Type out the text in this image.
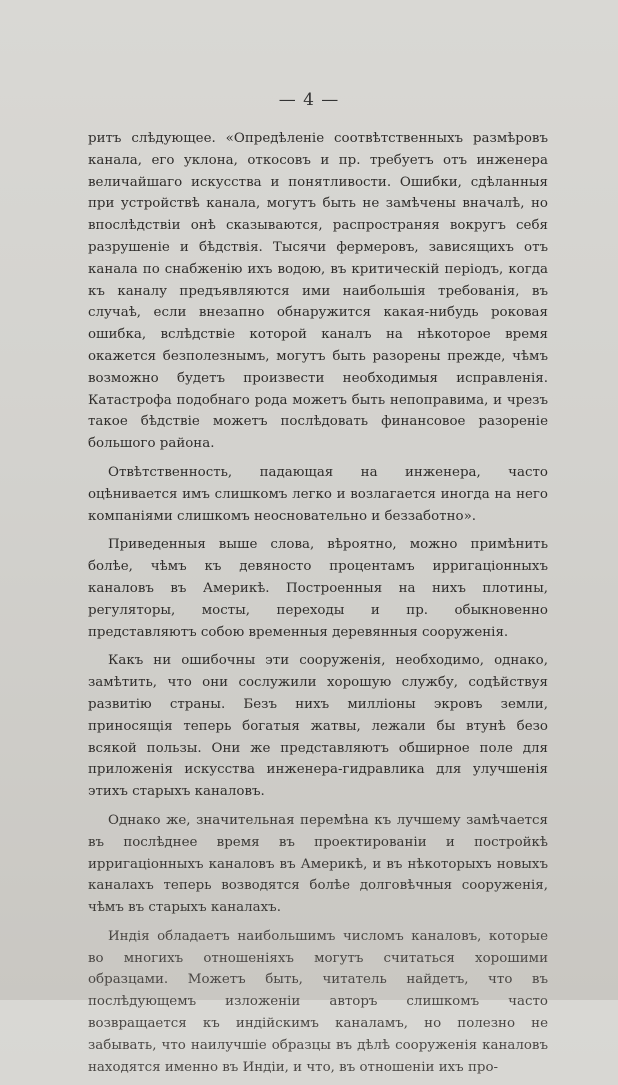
— 4 —

ритъ слѣдующее. «Опредѣленіе соотвѣтственныхъ размѣровъ канала, его уклона, откосовъ и пр. требуетъ отъ инженера величайшаго искусства и понятливости. Ошибки, сдѣланныя при устройствѣ канала, могутъ быть не замѣчены вначалѣ, но впослѣдствіи онѣ сказываются, распространяя вокругъ себя разрушеніе и бѣдствія. Тысячи фермеровъ, зависящихъ отъ канала по снабженію ихъ водою, въ критическій періодъ, когда къ каналу предъявляются ими наибольшія требованія, въ случаѣ, если внезапно обнаружится какая-нибудь роковая ошибка, вслѣдствіе которой каналъ на нѣкоторое время окажется безполезнымъ, могутъ быть разорены прежде, чѣмъ возможно будетъ произвести необходимыя исправленія. Катастрофа подобнаго рода можетъ быть непоправима, и чрезъ такое бѣдствіе можетъ послѣдовать финансовое разореніе большого района.

Отвѣтственность, падающая на инженера, часто оцѣнивается имъ слишкомъ легко и возлагается иногда на него компаніями слишкомъ неосновательно и беззаботно».

Приведенныя выше слова, вѣроятно, можно примѣнить болѣе, чѣмъ къ девяносто процентамъ ирригаціонныхъ каналовъ въ Америкѣ. Построенныя на нихъ плотины, регуляторы, мосты, переходы и пр. обыкновенно представляютъ собою временныя деревянныя сооруженія.

Какъ ни ошибочны эти сооруженія, необходимо, однако, замѣтить, что они сослужили хорошую службу, содѣйствуя развитію страны. Безъ нихъ милліоны экровъ земли, приносящія теперь богатыя жатвы, лежали бы втунѣ безо всякой пользы. Они же представляютъ обширное поле для приложенія искусства инженера-гидравлика для улучшенія этихъ старыхъ каналовъ.

Однако же, значительная перемѣна къ лучшему замѣчается въ послѣднее время въ проектированіи и постройкѣ ирригаціонныхъ каналовъ въ Америкѣ, и въ нѣкоторыхъ новыхъ каналахъ теперь возводятся болѣе долговѣчныя сооруженія, чѣмъ въ старыхъ каналахъ.

Индія обладаетъ наибольшимъ числомъ каналовъ, которые во многихъ отношеніяхъ могутъ считаться хорошими образцами. Можетъ быть, читатель найдетъ, что въ послѣдующемъ изложеніи авторъ слишкомъ часто возвращается къ индійскимъ каналамъ, но полезно не забывать, что наилучшіе образцы въ дѣлѣ сооруженія каналовъ находятся именно въ Индіи, и что, въ отношеніи ихъ про-
